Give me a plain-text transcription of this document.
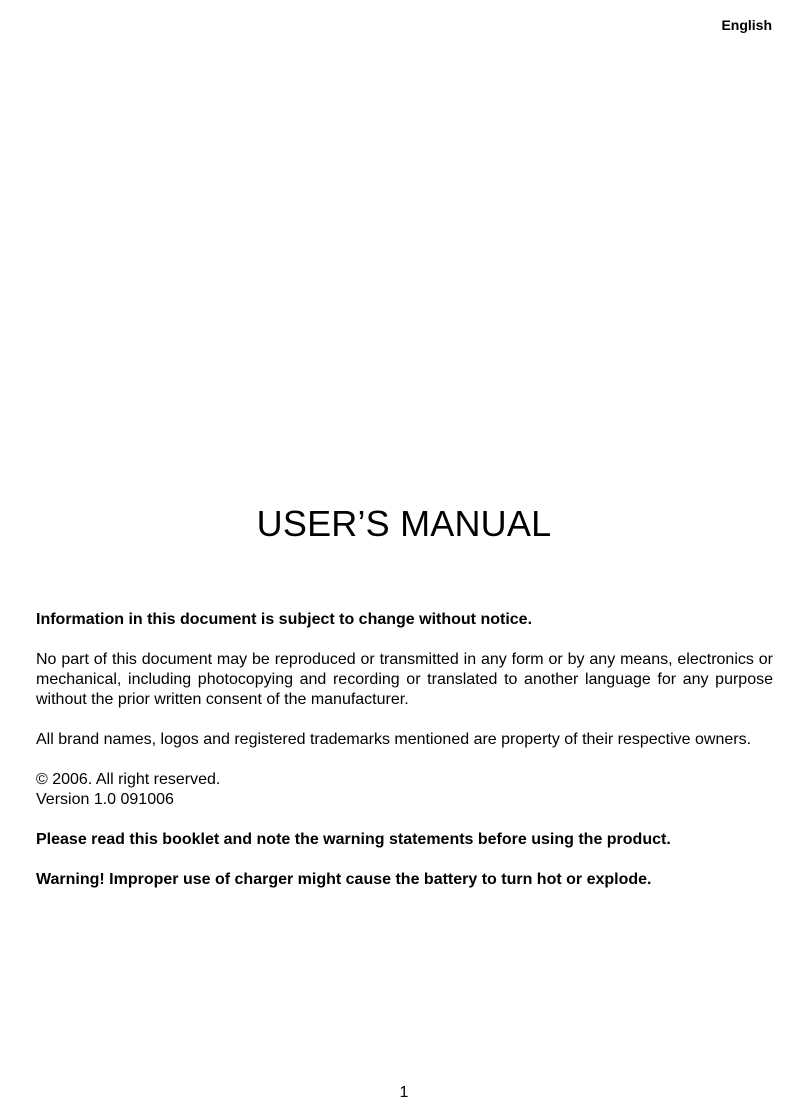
English
USER’S MANUAL

Information in this document is subject to change without notice.

No part of this document may be reproduced or transmitted in any form or by any means, electronics or mechanical, including photocopying and recording or translated to another language for any purpose without the prior written consent of the manufacturer.

All brand names, logos and registered trademarks mentioned are property of their respective owners.

© 2006. All right reserved.
Version 1.0 091006

Please read this booklet and note the warning statements before using the product.

Warning! Improper use of charger might cause the battery to turn hot or explode.

1
